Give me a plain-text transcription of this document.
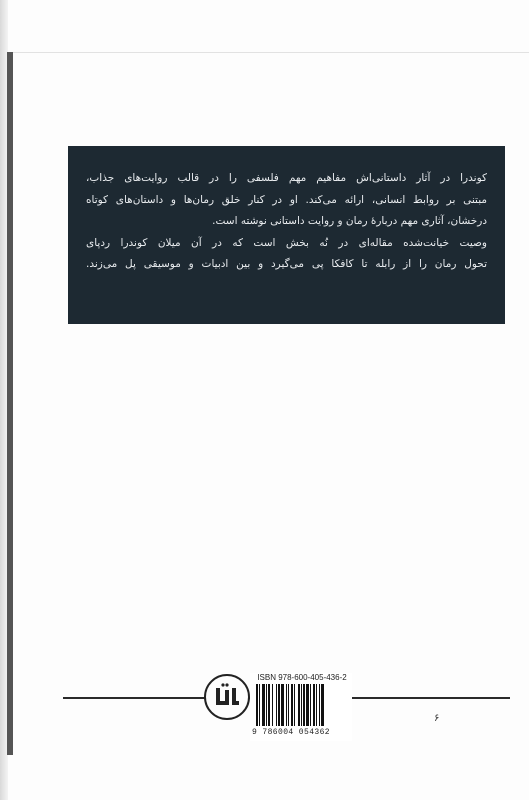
کوندرا در آثار داستانی‌اش مفاهیم مهم فلسفی را در قالب روایت‌های جذاب،

مبتنی بر روابط انسانی، ارائه می‌کند. او در کنار خلق رمان‌ها و داستان‌های کوتاه

درخشان، آثاری مهم دربارهٔ رمان و روایت داستانی نوشته است.

وصیت خیانت‌شده مقاله‌ای در نُه بخش است که در آن میلان کوندرا ردپای

تحول رمان را از رابله تا کافکا پی می‌گیرد و بین ادبیات و موسیقی پل می‌زند.

ISBN 978-600-405-436-2
9 786004 054362
۶
